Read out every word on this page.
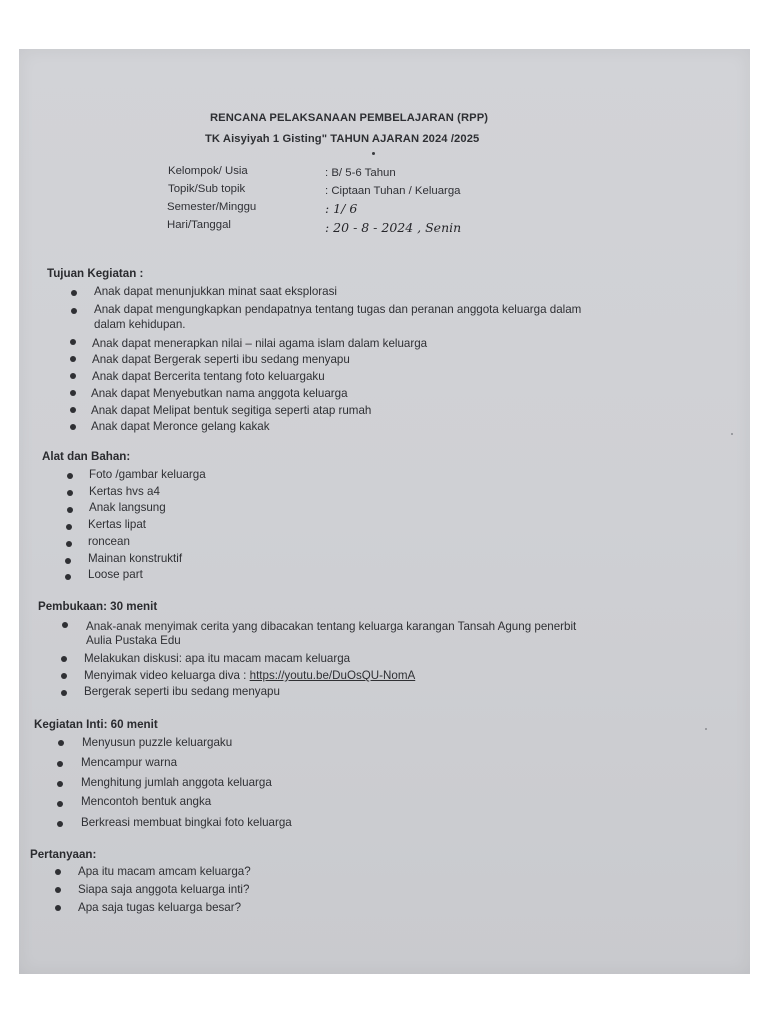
RENCANA PELAKSANAAN PEMBELAJARAN (RPP)
TK Aisyiyah 1 Gisting" TAHUN AJARAN 2024 /2025
Kelompok/ Usia	: B/ 5-6 Tahun
Topik/Sub topik	: Ciptaan Tuhan / Keluarga
Semester/Minggu	: 1/ 6
Hari/Tanggal	: 20 - 8 - 2024 , Senin
Tujuan Kegiatan :
Anak dapat menunjukkan minat saat eksplorasi
Anak dapat mengungkapkan pendapatnya tentang tugas dan peranan anggota keluarga dalam
dalam kehidupan.
Anak dapat menerapkan nilai – nilai agama islam dalam keluarga
Anak dapat Bergerak seperti ibu sedang menyapu
Anak dapat Bercerita tentang foto keluargaku
Anak dapat Menyebutkan nama anggota keluarga
Anak dapat Melipat bentuk segitiga seperti atap rumah
Anak dapat Meronce gelang kakak
Alat dan Bahan:
Foto /gambar keluarga
Kertas hvs a4
Anak langsung
Kertas lipat
roncean
Mainan konstruktif
Loose part
Pembukaan: 30 menit
Anak-anak menyimak cerita yang dibacakan tentang keluarga karangan Tansah Agung penerbit
Aulia Pustaka Edu
Melakukan diskusi: apa itu macam macam keluarga
Menyimak video keluarga diva : https://youtu.be/DuOsQU-NomA
Bergerak seperti ibu sedang menyapu
Kegiatan Inti: 60 menit
Menyusun puzzle keluargaku
Mencampur warna
Menghitung jumlah anggota keluarga
Mencontoh bentuk angka
Berkreasi membuat bingkai foto keluarga
Pertanyaan:
Apa itu macam amcam keluarga?
Siapa saja anggota keluarga inti?
Apa saja tugas keluarga besar?
